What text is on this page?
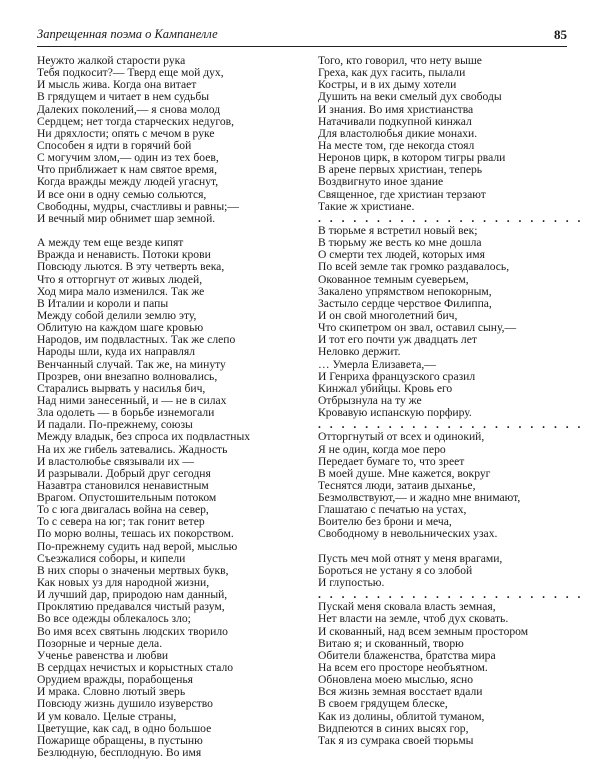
Запрещенная поэма о Кампанелле	85
Неужто жалкой старости рука
Тебя подкосит?— Тверд еще мой дух,
И мысль жива. Когда она витает
В грядущем и читает в нем судьбы
Далеких поколений,— я снова молод
Сердцем; нет тогда старческих недугов,
Ни дряхлости; опять с мечом в руке
Способен я идти в горячий бой
С могучим злом,— один из тех боев,
Что приближает к нам святое время,
Когда вражды между людей угаснут,
И все они в одну семью сольются,
Свободны, мудры, счастливы и равны;—
И вечный мир обнимет шар земной.
А между тем еще везде кипят
Вражда и ненависть. Потоки крови
Повсюду льются. В эту четверть века,
Что я отторгнут от живых людей,
Ход мира мало изменился. Так же
В Италии и короли и папы
Между собой делили землю эту,
Облитую на каждом шаге кровью
Народов, им подвластных. Так же слепо
Народы шли, куда их направлял
Венчанный случай. Так же, на минуту
Прозрев, они внезапно волновались,
Старались вырвать у насилья бич,
Над ними занесенный, и — не в силах
Зла одолеть — в борьбе изнемогали
И падали. По-прежнему, союзы
Между владык, без спроса их подвластных
На их же гибель затевались. Жадность
И властолюбье связывали их —
И разрывали. Добрый друг сегодня
Назавтра становился ненавистным
Врагом. Опустошительным потоком
То с юга двигалась война на север,
То с севера на юг; так гонит ветер
По морю волны, тешась их покорством.
По-прежнему судить над верой, мыслью
Съезжалися соборы, и кипели
В них споры о значеньи мертвых букв,
Как новых уз для народной жизни,
И лучший дар, природою нам данный,
Проклятию предавался чистый разум,
Во все одежды облекалось зло;
Во имя всех святынь людских творило
Позорные и черные дела.
Ученье равенства и любви
В сердцах нечистых и корыстных стало
Орудием вражды, порабощенья
И мрака. Словно лютый зверь
Повсюду жизнь душило изуверство
И ум ковало. Целые страны,
Цветущие, как сад, в одно большое
Пожарище обращены, в пустыню
Безлюдную, бесплодную. Во имя
Того, кто говорил, что нету выше
Греха, как дух гасить, пылали
Костры, и в их дыму хотели
Душить на веки смелый дух свободы
И знания. Во имя христианства
Натачивали подкупной кинжал
Для властолюбья дикие монахи.
На месте том, где некогда стоял
Неронов цирк, в котором тигры рвали
В арене первых христиан, теперь
Воздвигнуто иное здание
Священное, где христиан терзают
Такие ж христиане.
. . . . . . . . . . . . . . . . . . . . . . .
В тюрьме я встретил новый век;
В тюрьму же весть ко мне дошла
О смерти тех людей, которых имя
По всей земле так громко раздавалось,
Окованное темным суевеpьем,
Закалено упрямством непокорным,
Застыло сердце черствое Филиппа,
И он свой многолетний бич,
Что скипетром он звал, оставил сыну,—
И тот его почти уж двадцать лет
Неловко держит.
… Умерла Елизавета,—
И Генриха французского сразил
Кинжал убийцы. Кровь его
Отбрызнула на ту же
Кровавую испанскую порфиру.
. . . . . . . . . . . . . . . . . . . . . . .
Отторгнутый от всех и одинокий,
Я не один, когда мое перо
Передает бумаге то, что зреет
В моей душе. Мне кажется, вокруг
Теснятся люди, затаив дыханье,
Безмолвствуют,— и жадно мне внимают,
Глашатаю с печатью на устах,
Воителю без брони и меча,
Свободному в невольнических узах.
Пусть меч мой отнят у меня врагами,
Бороться не устану я со злобой
И глупостью.
. . . . . . . . . . . . . . . . . . . . . . .
Пускай меня сковала власть земная,
Нет власти на земле, чтоб дух сковать.
И скованный, над всем земным простором
Витаю я; и скованный, творю
Обители блаженства, братства мира
На всем его просторе необъятном.
Обновлена моею мыслью, ясно
Вся жизнь земная восстает вдали
В своем грядущем блеске,
Как из долины, облитой туманом,
Видпеются в синих высях гор,
Так я из сумрака своей тюрьмы
